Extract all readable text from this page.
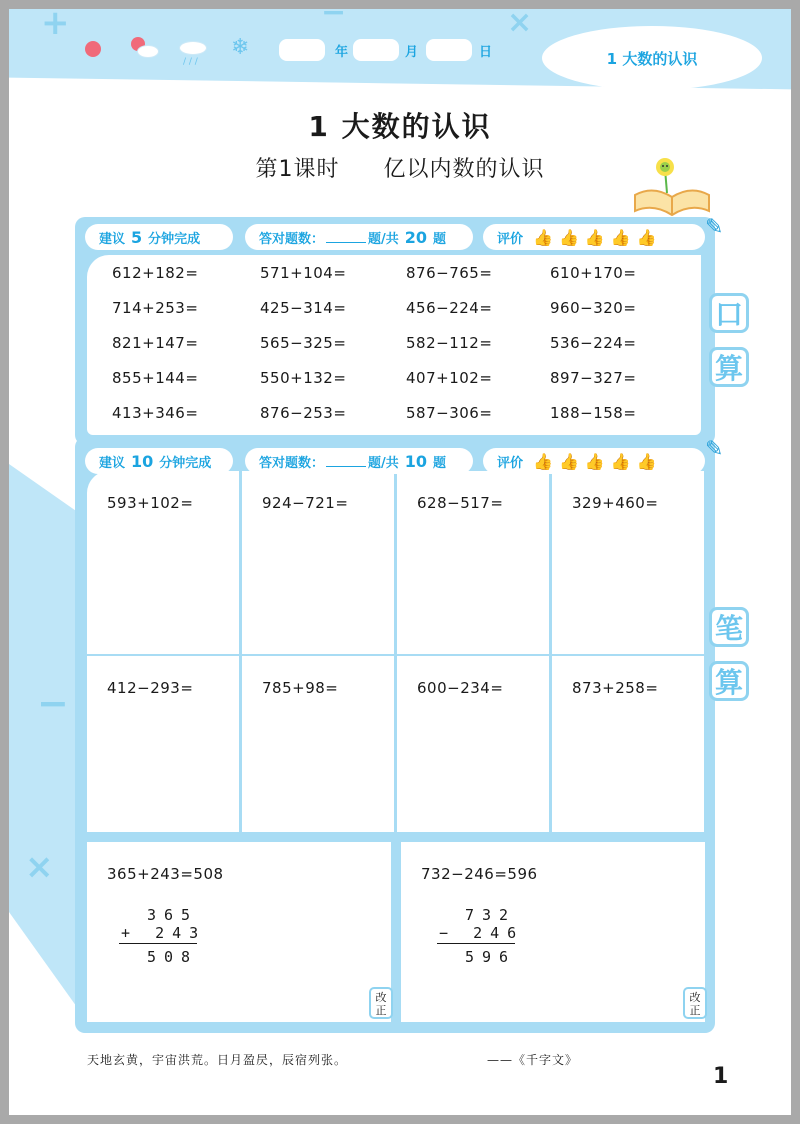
+	−	×
−
×
/ / /
❄	年	月	日	1 大数的认识
1 大数的认识
第1课时 亿以内数的认识
建议 5 分钟完成	答对题数：	题/共 20 题	评价 👍 👍 👍 👍 👍 ✎
612+182=	571+104=	876−765=	610+170=
714+253=	425−314=	456−224=	960−320=
821+147=	565−325=	582−112=	536−224=
855+144=	550+132=	407+102=	897−327=
413+346=	876−253=	587−306=	188−158=
口
算
建议 10 分钟完成	答对题数：	题/共 10 题	评价 👍 👍 👍 👍 👍 ✎
593+102=	924−721=	628−517=	329+460=
412−293=	785+98=	600−234=	873+258=
笔
算
365+243=508	732−246=596
365
+ 243
508
改正
732
− 246
596
改正
天地玄黄，宇宙洪荒。日月盈昃，辰宿列张。	——《千字文》
1
